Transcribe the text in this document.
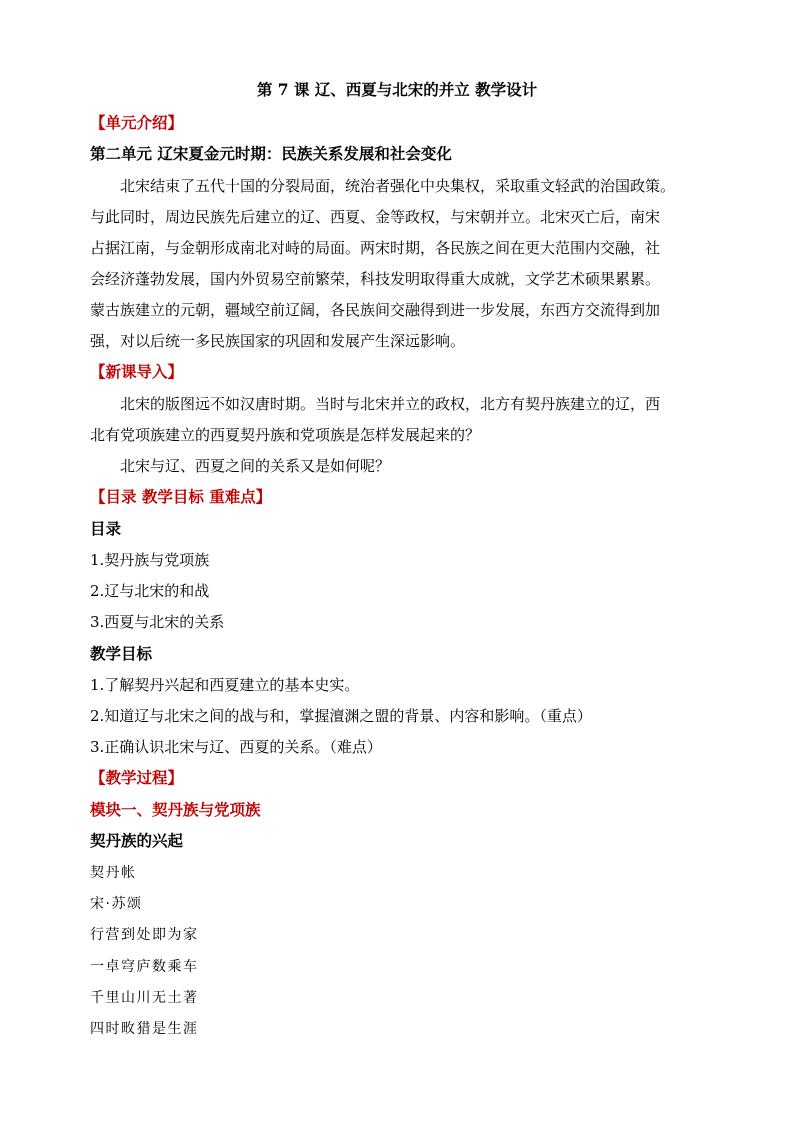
第 7 课 辽、西夏与北宋的并立 教学设计
【单元介绍】
第二单元 辽宋夏金元时期：民族关系发展和社会变化
北宋结束了五代十国的分裂局面，统治者强化中央集权，采取重文轻武的治国政策。
与此同时，周边民族先后建立的辽、西夏、金等政权，与宋朝并立。北宋灭亡后，南宋
占据江南，与金朝形成南北对峙的局面。两宋时期，各民族之间在更大范围内交融，社
会经济蓬勃发展，国内外贸易空前繁荣，科技发明取得重大成就，文学艺术硕果累累。
蒙古族建立的元朝，疆域空前辽阔，各民族间交融得到进一步发展，东西方交流得到加
强，对以后统一多民族国家的巩固和发展产生深远影响。
【新课导入】
北宋的版图远不如汉唐时期。当时与北宋并立的政权，北方有契丹族建立的辽，西
北有党项族建立的西夏契丹族和党项族是怎样发展起来的？
北宋与辽、西夏之间的关系又是如何呢？
【目录 教学目标 重难点】
目录
1.契丹族与党项族
2.辽与北宋的和战
3.西夏与北宋的关系
教学目标
1.了解契丹兴起和西夏建立的基本史实。
2.知道辽与北宋之间的战与和，掌握澶渊之盟的背景、内容和影响。（重点）
3.正确认识北宋与辽、西夏的关系。（难点）
【教学过程】
模块一、契丹族与党项族
契丹族的兴起
契丹帐
宋·苏颂
行营到处即为家
一卓穹庐数乘车
千里山川无土著
四时畋猎是生涯
